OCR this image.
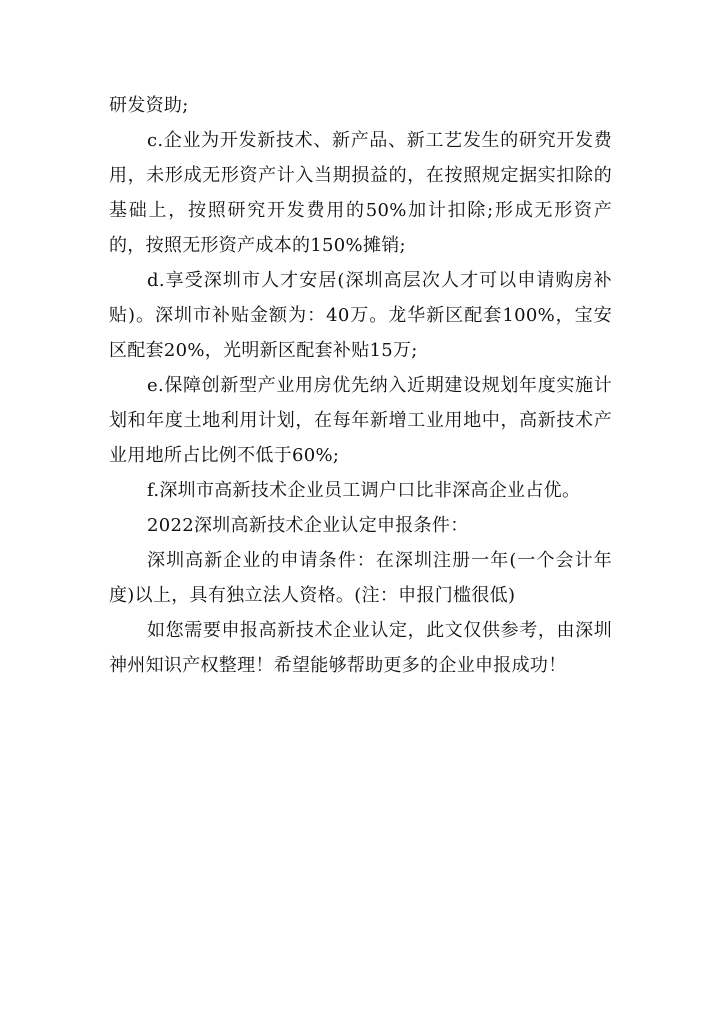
研发资助;

c.企业为开发新技术、新产品、新工艺发生的研究开发费用，未形成无形资产计入当期损益的，在按照规定据实扣除的基础上，按照研究开发费用的50%加计扣除;形成无形资产的，按照无形资产成本的150%摊销;

d.享受深圳市人才安居(深圳高层次人才可以申请购房补贴)。深圳市补贴金额为：40万。龙华新区配套100%，宝安区配套20%，光明新区配套补贴15万;

e.保障创新型产业用房优先纳入近期建设规划年度实施计划和年度土地利用计划，在每年新增工业用地中，高新技术产业用地所占比例不低于60%;

f.深圳市高新技术企业员工调户口比非深高企业占优。

2022深圳高新技术企业认定申报条件：

深圳高新企业的申请条件：在深圳注册一年(一个会计年度)以上，具有独立法人资格。(注：申报门槛很低)

如您需要申报高新技术企业认定，此文仅供参考，由深圳神州知识产权整理！希望能够帮助更多的企业申报成功！
